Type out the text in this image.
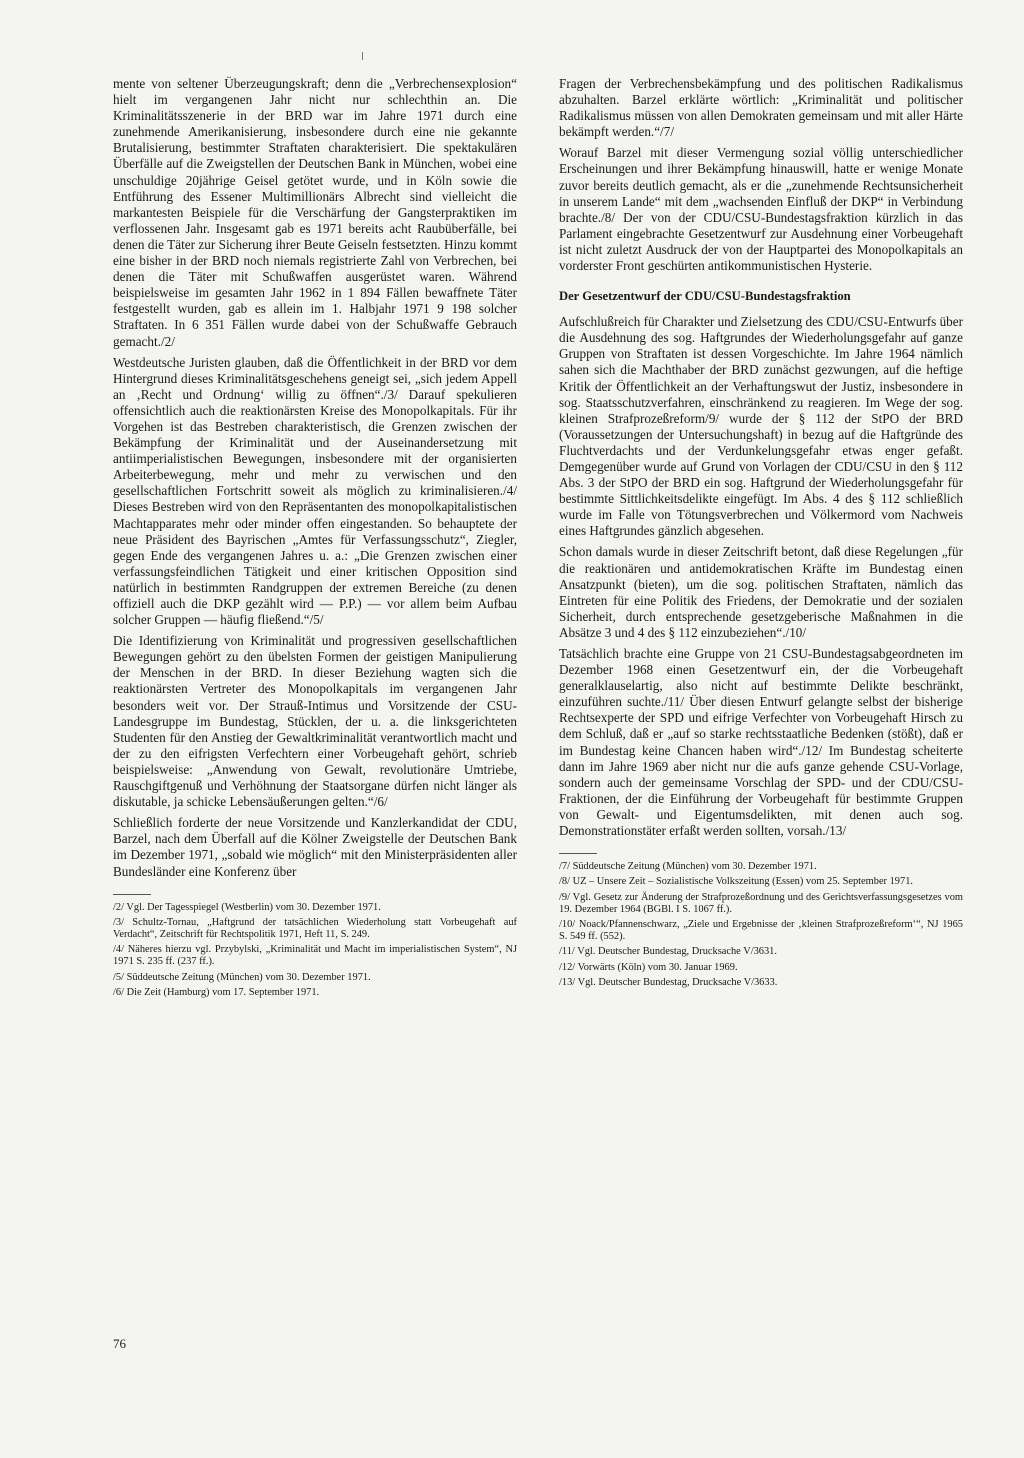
mente von seltener Überzeugungskraft; denn die „Verbrechensexplosion“ hielt im vergangenen Jahr nicht nur schlechthin an. Die Kriminalitätsszenerie in der BRD war im Jahre 1971 durch eine zunehmende Amerikanisierung, insbesondere durch eine nie gekannte Brutalisierung, bestimmter Straftaten charakterisiert. Die spektakulären Überfälle auf die Zweigstellen der Deutschen Bank in München, wobei eine unschuldige 20jährige Geisel getötet wurde, und in Köln sowie die Entführung des Essener Multimillionärs Albrecht sind vielleicht die markantesten Beispiele für die Verschärfung der Gangsterpraktiken im verflossenen Jahr. Insgesamt gab es 1971 bereits acht Raubüberfälle, bei denen die Täter zur Sicherung ihrer Beute Geiseln festsetzten. Hinzu kommt eine bisher in der BRD noch niemals registrierte Zahl von Verbrechen, bei denen die Täter mit Schußwaffen ausgerüstet waren. Während beispielsweise im gesamten Jahr 1962 in 1 894 Fällen bewaffnete Täter festgestellt wurden, gab es allein im 1. Halbjahr 1971 9 198 solcher Straftaten. In 6 351 Fällen wurde dabei von der Schußwaffe Gebrauch gemacht./2/

Westdeutsche Juristen glauben, daß die Öffentlichkeit in der BRD vor dem Hintergrund dieses Kriminalitätsgeschehens geneigt sei, „sich jedem Appell an ‚Recht und Ordnung‘ willig zu öffnen“./3/ Darauf spekulieren offensichtlich auch die reaktionärsten Kreise des Monopolkapitals. Für ihr Vorgehen ist das Bestreben charakteristisch, die Grenzen zwischen der Bekämpfung der Kriminalität und der Auseinandersetzung mit antiimperialistischen Bewegungen, insbesondere mit der organisierten Arbeiterbewegung, mehr und mehr zu verwischen und den gesellschaftlichen Fortschritt soweit als möglich zu kriminalisieren./4/ Dieses Bestreben wird von den Repräsentanten des monopolkapitalistischen Machtapparates mehr oder minder offen eingestanden. So behauptete der neue Präsident des Bayrischen „Amtes für Verfassungsschutz“, Ziegler, gegen Ende des vergangenen Jahres u. a.: „Die Grenzen zwischen einer verfassungsfeindlichen Tätigkeit und einer kritischen Opposition sind natürlich in bestimmten Randgruppen der extremen Bereiche (zu denen offiziell auch die DKP gezählt wird — P.P.) — vor allem beim Aufbau solcher Gruppen — häufig fließend.“/5/

Die Identifizierung von Kriminalität und progressiven gesellschaftlichen Bewegungen gehört zu den übelsten Formen der geistigen Manipulierung der Menschen in der BRD. In dieser Beziehung wagten sich die reaktionärsten Vertreter des Monopolkapitals im vergangenen Jahr besonders weit vor. Der Strauß-Intimus und Vorsitzende der CSU-Landesgruppe im Bundestag, Stücklen, der u. a. die linksgerichteten Studenten für den Anstieg der Gewaltkriminalität verantwortlich macht und der zu den eifrigsten Verfechtern einer Vorbeugehaft gehört, schrieb beispielsweise: „Anwendung von Gewalt, revolutionäre Umtriebe, Rauschgiftgenuß und Verhöhnung der Staatsorgane dürfen nicht länger als diskutable, ja schicke Lebensäußerungen gelten.“/6/

Schließlich forderte der neue Vorsitzende und Kanzlerkandidat der CDU, Barzel, nach dem Überfall auf die Kölner Zweigstelle der Deutschen Bank im Dezember 1971, „sobald wie möglich“ mit den Ministerpräsidenten aller Bundesländer eine Konferenz über

/2/ Vgl. Der Tagesspiegel (Westberlin) vom 30. Dezember 1971.

/3/ Schultz-Tornau, „Haftgrund der tatsächlichen Wiederholung statt Vorbeugehaft auf Verdacht“, Zeitschrift für Rechtspolitik 1971, Heft 11, S. 249.

/4/ Näheres hierzu vgl. Przybylski, „Kriminalität und Macht im imperialistischen System“, NJ 1971 S. 235 ff. (237 ff.).

/5/ Süddeutsche Zeitung (München) vom 30. Dezember 1971.

/6/ Die Zeit (Hamburg) vom 17. September 1971.

Fragen der Verbrechensbekämpfung und des politischen Radikalismus abzuhalten. Barzel erklärte wörtlich: „Kriminalität und politischer Radikalismus müssen von allen Demokraten gemeinsam und mit aller Härte bekämpft werden.“/7/

Worauf Barzel mit dieser Vermengung sozial völlig unterschiedlicher Erscheinungen und ihrer Bekämpfung hinauswill, hatte er wenige Monate zuvor bereits deutlich gemacht, als er die „zunehmende Rechtsunsicherheit in unserem Lande“ mit dem „wachsenden Einfluß der DKP“ in Verbindung brachte./8/ Der von der CDU/CSU-Bundestagsfraktion kürzlich in das Parlament eingebrachte Gesetzentwurf zur Ausdehnung einer Vorbeugehaft ist nicht zuletzt Ausdruck der von der Hauptpartei des Monopolkapitals an vorderster Front geschürten antikommunistischen Hysterie.

Der Gesetzentwurf der CDU/CSU-Bundestagsfraktion

Aufschlußreich für Charakter und Zielsetzung des CDU/CSU-Entwurfs über die Ausdehnung des sog. Haftgrundes der Wiederholungsgefahr auf ganze Gruppen von Straftaten ist dessen Vorgeschichte. Im Jahre 1964 nämlich sahen sich die Machthaber der BRD zunächst gezwungen, auf die heftige Kritik der Öffentlichkeit an der Verhaftungswut der Justiz, insbesondere in sog. Staatsschutzverfahren, einschränkend zu reagieren. Im Wege der sog. kleinen Strafprozeßreform/9/ wurde der § 112 der StPO der BRD (Voraussetzungen der Untersuchungshaft) in bezug auf die Haftgründe des Fluchtverdachts und der Verdunkelungsgefahr etwas enger gefaßt. Demgegenüber wurde auf Grund von Vorlagen der CDU/CSU in den § 112 Abs. 3 der StPO der BRD ein sog. Haftgrund der Wiederholungsgefahr für bestimmte Sittlichkeitsdelikte eingefügt. Im Abs. 4 des § 112 schließlich wurde im Falle von Tötungsverbrechen und Völkermord vom Nachweis eines Haftgrundes gänzlich abgesehen.

Schon damals wurde in dieser Zeitschrift betont, daß diese Regelungen „für die reaktionären und antidemokratischen Kräfte im Bundestag einen Ansatzpunkt (bieten), um die sog. politischen Straftaten, nämlich das Eintreten für eine Politik des Friedens, der Demokratie und der sozialen Sicherheit, durch entsprechende gesetzgeberische Maßnahmen in die Absätze 3 und 4 des § 112 einzubeziehen“./10/

Tatsächlich brachte eine Gruppe von 21 CSU-Bundestagsabgeordneten im Dezember 1968 einen Gesetzentwurf ein, der die Vorbeugehaft generalklauselartig, also nicht auf bestimmte Delikte beschränkt, einzuführen suchte./11/ Über diesen Entwurf gelangte selbst der bisherige Rechtsexperte der SPD und eifrige Verfechter von Vorbeugehaft Hirsch zu dem Schluß, daß er „auf so starke rechtsstaatliche Bedenken (stößt), daß er im Bundestag keine Chancen haben wird“./12/ Im Bundestag scheiterte dann im Jahre 1969 aber nicht nur die aufs ganze gehende CSU-Vorlage, sondern auch der gemeinsame Vorschlag der SPD- und der CDU/CSU-Fraktionen, der die Einführung der Vorbeugehaft für bestimmte Gruppen von Gewalt- und Eigentumsdelikten, mit denen auch sog. Demonstrationstäter erfaßt werden sollten, vorsah./13/

/7/ Süddeutsche Zeitung (München) vom 30. Dezember 1971.

/8/ UZ – Unsere Zeit – Sozialistische Volkszeitung (Essen) vom 25. September 1971.

/9/ Vgl. Gesetz zur Änderung der Strafprozeßordnung und des Gerichtsverfassungsgesetzes vom 19. Dezember 1964 (BGBl. I S. 1067 ff.).

/10/ Noack/Pfannenschwarz, „Ziele und Ergebnisse der ‚kleinen Strafprozeßreform‘“, NJ 1965 S. 549 ff. (552).

/11/ Vgl. Deutscher Bundestag, Drucksache V/3631.

/12/ Vorwärts (Köln) vom 30. Januar 1969.

/13/ Vgl. Deutscher Bundestag, Drucksache V/3633.

76
